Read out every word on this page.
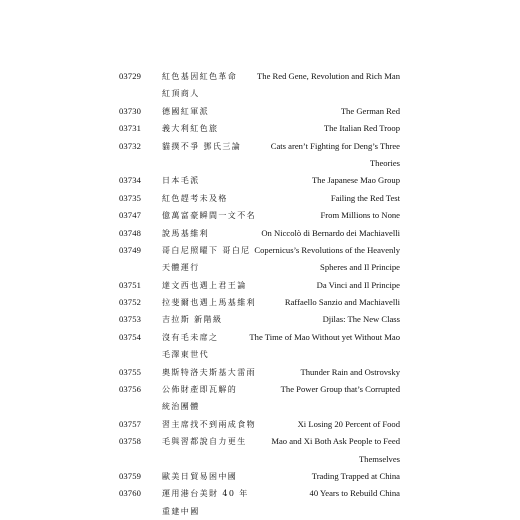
03729	紅色基因紅色革命 The Red Gene, Revolution and Rich Man
紅頂商人
03730	德國紅軍派	The German Red
03731	義大利紅色旅	The Italian Red Troop
03732	貓撲不爭 鄧氏三論	Cats aren’t Fighting for Deng’s Three
Theories
03734	日本毛派	The Japanese Mao Group
03735	紅色趕考未及格	Failing the Red Test
03747	億萬富豪瞬間一文不名	From Millions to None
03748	說馬基維利	On Niccolò di Bernardo dei Machiavelli
03749	哥白尼照曜下 哥白尼 Copernicus’s Revolutions of the Heavenly
天體運行	Spheres and Il Principe
03751	達文西也遇上君王論	Da Vinci and Il Principe
03752	拉斐爾也遇上馬基維利	Raffaello Sanzio and Machiavelli
03753	吉拉斯 新階級	Djilas: The New Class
03754	沒有毛未席之	The Time of Mao Without yet Without Mao
毛澤東世代
03755	奧斯特洛夫斯基大雷雨	Thunder Rain and Ostrovsky
03756	公佈財產即瓦解的	The Power Group that’s Corrupted
統治團體
03757	習主席找不到兩成食物	Xi Losing 20 Percent of Food
03758	毛與習都說自力更生	Mao and Xi Both Ask People to Feed
Themselves
03759	歐美日貿易困中國	Trading Trapped at China
03760	運用港台美財 40 年	40 Years to Rebuild China
重建中國
